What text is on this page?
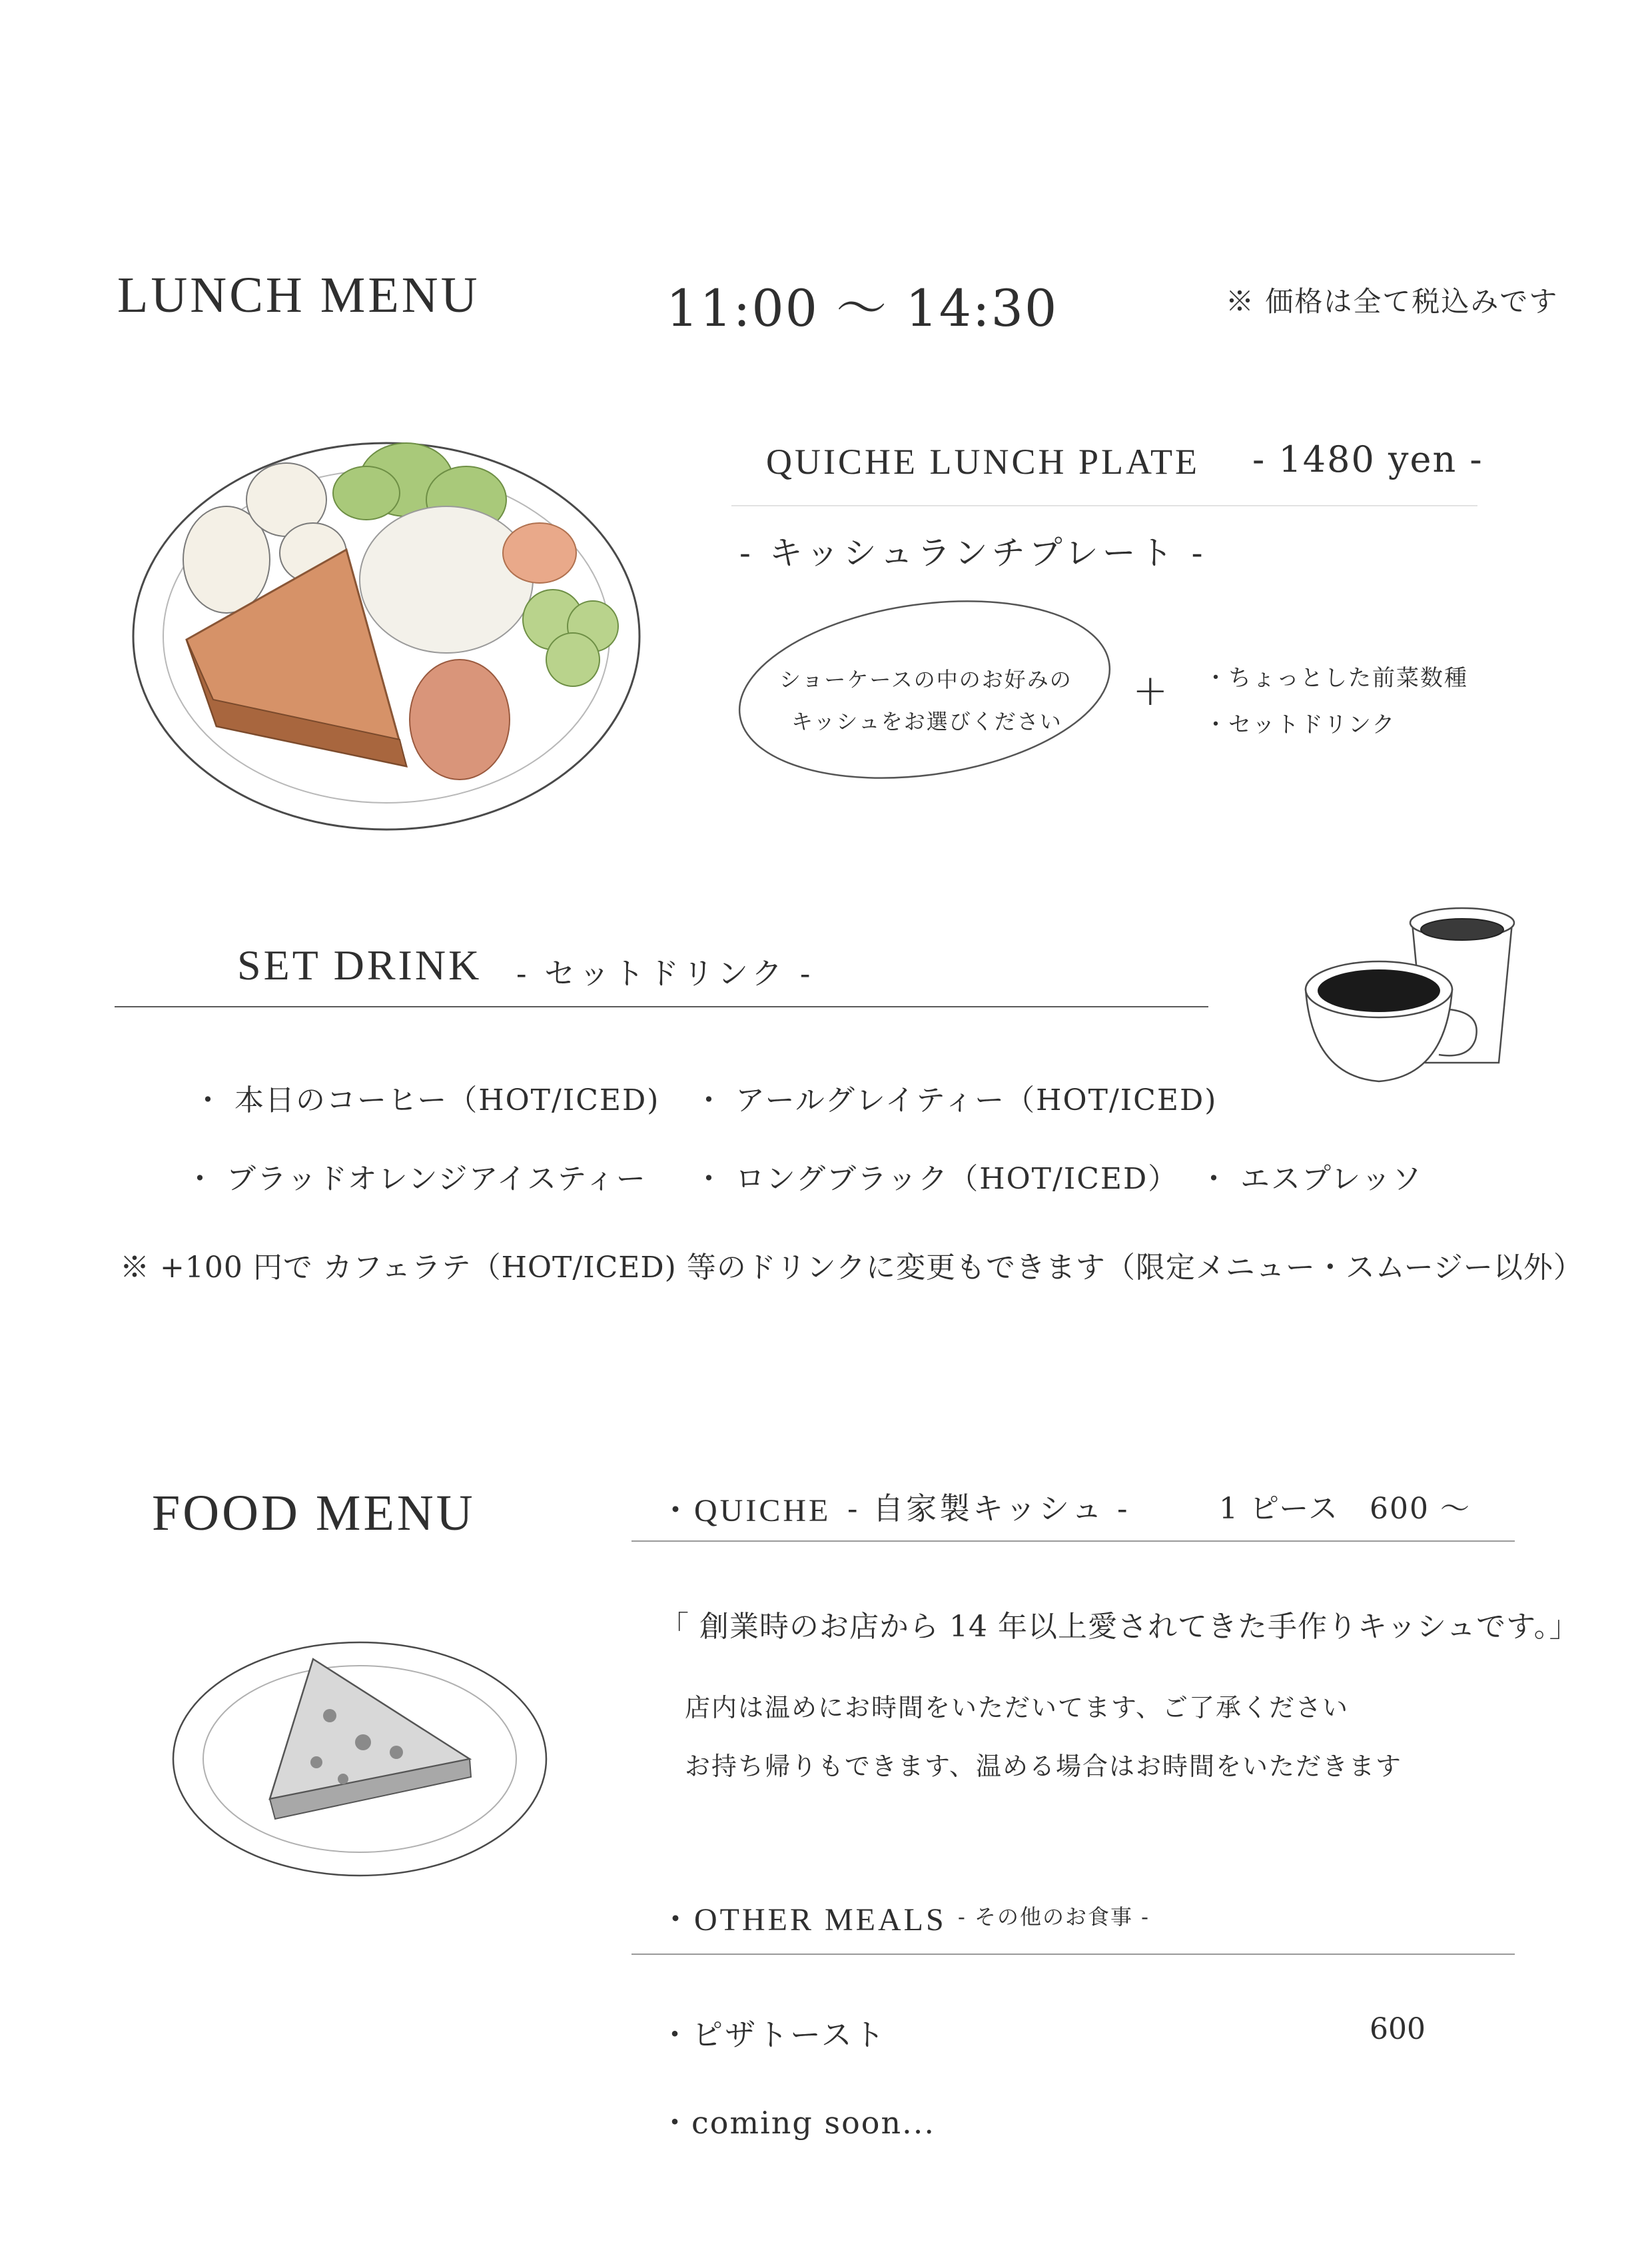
LUNCH MENU	11:00 〜 14:30	※ 価格は全て税込みです
QUICHE LUNCH PLATE - 1480 yen -
- キッシュランチプレート -
ショーケースの中のお好みの
キッシュをお選びください
+ ・ちょっとした前菜数種
・セットドリンク
SET DRINK - セットドリンク -
・ 本日のコーヒー（HOT/ICED) ・ アールグレイティー（HOT/ICED)
・ ブラッドオレンジアイスティー ・ ロングブラック（HOT/ICED） ・ エスプレッソ
※ +100 円で カフェラテ（HOT/ICED) 等のドリンクに変更もできます（限定メニュー・スムージー以外）
FOOD MENU	・QUICHE - 自家製キッシュ -	1 ピース　600 〜
「 創業時のお店から 14 年以上愛されてきた手作りキッシュです。」
店内は温めにお時間をいただいてます、ご了承ください
お持ち帰りもできます、温める場合はお時間をいただきます
・OTHER MEALS - その他のお食事 -
・ピザトースト	600
・coming soon...
